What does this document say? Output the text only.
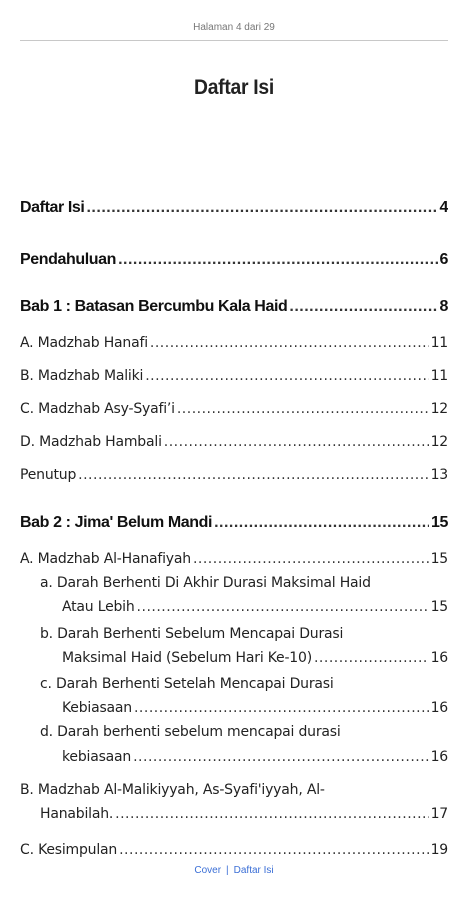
Halaman 4 dari 29
Daftar Isi
Daftar Isi .....	4
Pendahuluan .....	6
Bab 1 : Batasan Bercumbu Kala Haid .....	8
A. Madzhab Hanafi .....	11
B. Madzhab Maliki .....	11
C. Madzhab Asy-Syafi’i .....	12
D. Madzhab Hambali .....	12
Penutup .....	13
Bab 2 : Jima' Belum Mandi .....	15
A. Madzhab Al-Hanafiyah .....	15
a. Darah Berhenti Di Akhir Durasi Maksimal Haid
Atau Lebih .....	15
b. Darah Berhenti Sebelum Mencapai Durasi
Maksimal Haid (Sebelum Hari Ke-10) .....	16
c. Darah Berhenti Setelah Mencapai Durasi
Kebiasaan .....	16
d. Darah berhenti sebelum mencapai durasi
kebiasaan .....	16
B. Madzhab Al-Malikiyyah, As-Syafi'iyyah, Al-
Hanabilah. .....	17
C. Kesimpulan .....	19
Cover | Daftar Isi
